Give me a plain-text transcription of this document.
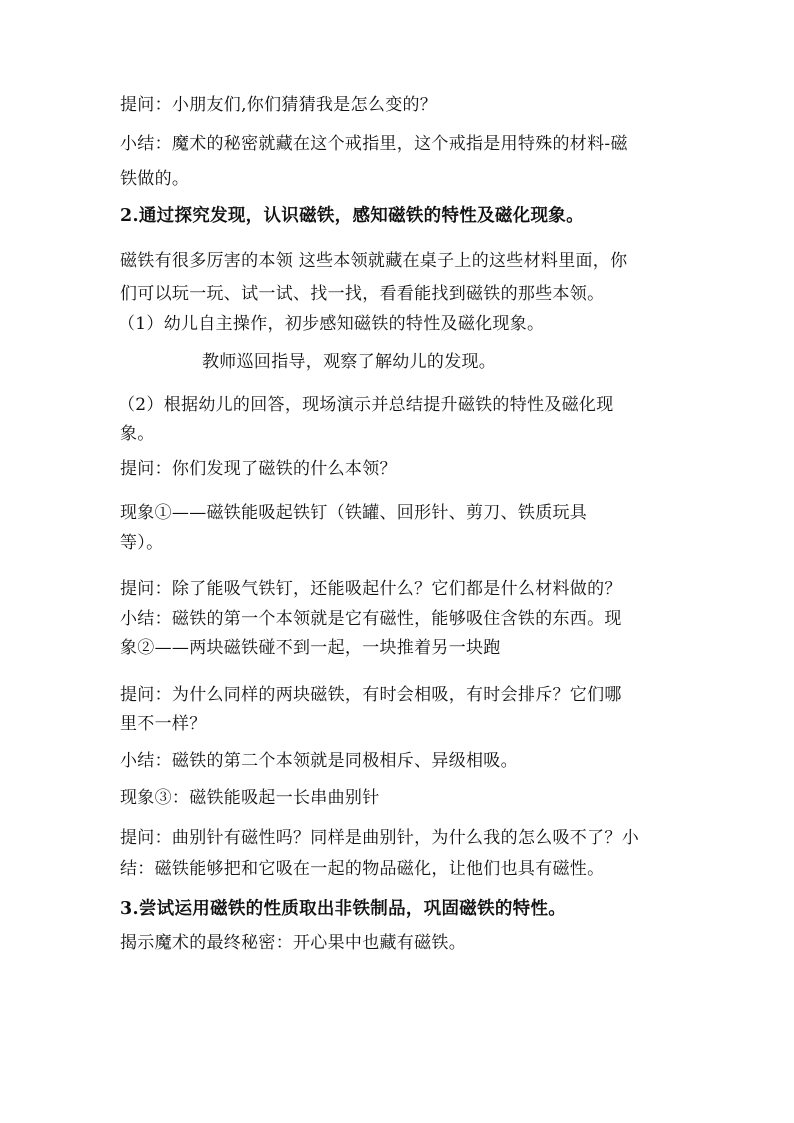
提问：小朋友们,你们猜猜我是怎么变的？
小结：魔术的秘密就藏在这个戒指里，这个戒指是用特殊的材料-磁
铁做的。
2.通过探究发现，认识磁铁，感知磁铁的特性及磁化现象。
磁铁有很多厉害的本领 这些本领就藏在桌子上的这些材料里面，你
们可以玩一玩、试一试、找一找，看看能找到磁铁的那些本领。
（1）幼儿自主操作，初步感知磁铁的特性及磁化现象。
教师巡回指导，观察了解幼儿的发现。
（2）根据幼儿的回答，现场演示并总结提升磁铁的特性及磁化现
象。
提问：你们发现了磁铁的什么本领？
现象①——磁铁能吸起铁钉（铁罐、回形针、剪刀、铁质玩具
等）。
提问：除了能吸气铁钉，还能吸起什么？它们都是什么材料做的？
小结：磁铁的第一个本领就是它有磁性，能够吸住含铁的东西。现
象②——两块磁铁碰不到一起，一块推着另一块跑
提问：为什么同样的两块磁铁，有时会相吸，有时会排斥？它们哪
里不一样？
小结：磁铁的第二个本领就是同极相斥、异级相吸。
现象③：磁铁能吸起一长串曲别针
提问：曲别针有磁性吗？同样是曲别针，为什么我的怎么吸不了？小
结：磁铁能够把和它吸在一起的物品磁化，让他们也具有磁性。
3.尝试运用磁铁的性质取出非铁制品，巩固磁铁的特性。
揭示魔术的最终秘密：开心果中也藏有磁铁。
